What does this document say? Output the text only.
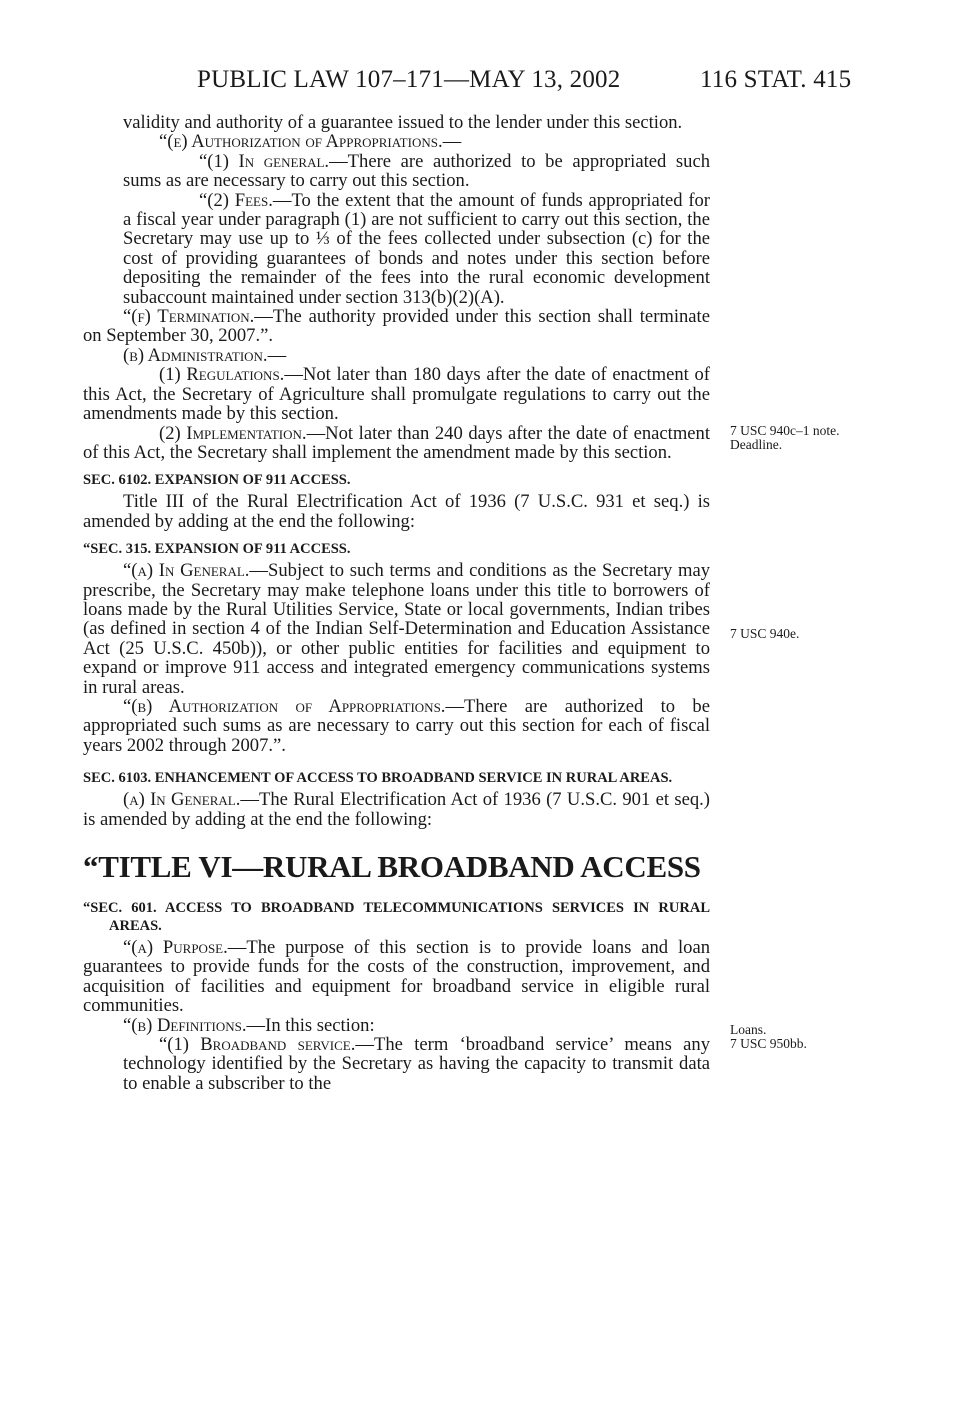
PUBLIC LAW 107–171—MAY 13, 2002	116 STAT. 415

validity and authority of a guarantee issued to the lender under this section.

“(e) Authorization of Appropriations.—

“(1) In general.—There are authorized to be appropriated such sums as are necessary to carry out this section.

“(2) Fees.—To the extent that the amount of funds appropriated for a fiscal year under paragraph (1) are not sufficient to carry out this section, the Secretary may use up to ⅓ of the fees collected under subsection (c) for the cost of providing guarantees of bonds and notes under this section before depositing the remainder of the fees into the rural economic development subaccount maintained under section 313(b)(2)(A).

“(f) Termination.—The authority provided under this section shall terminate on September 30, 2007.”.

(b) Administration.—

(1) Regulations.—Not later than 180 days after the date of enactment of this Act, the Secretary of Agriculture shall promulgate regulations to carry out the amendments made by this section.

(2) Implementation.—Not later than 240 days after the date of enactment of this Act, the Secretary shall implement the amendment made by this section.

SEC. 6102. EXPANSION OF 911 ACCESS.

Title III of the Rural Electrification Act of 1936 (7 U.S.C. 931 et seq.) is amended by adding at the end the following:

“SEC. 315. EXPANSION OF 911 ACCESS.

“(a) In General.—Subject to such terms and conditions as the Secretary may prescribe, the Secretary may make telephone loans under this title to borrowers of loans made by the Rural Utilities Service, State or local governments, Indian tribes (as defined in section 4 of the Indian Self-Determination and Education Assistance Act (25 U.S.C. 450b)), or other public entities for facilities and equipment to expand or improve 911 access and integrated emergency communications systems in rural areas.

“(b) Authorization of Appropriations.—There are authorized to be appropriated such sums as are necessary to carry out this section for each of fiscal years 2002 through 2007.”.

SEC. 6103. ENHANCEMENT OF ACCESS TO BROADBAND SERVICE IN RURAL AREAS.

(a) In General.—The Rural Electrification Act of 1936 (7 U.S.C. 901 et seq.) is amended by adding at the end the following:

“TITLE VI—RURAL BROADBAND ACCESS

“SEC. 601. ACCESS TO BROADBAND TELECOMMUNICATIONS SERVICES IN RURAL AREAS.

“(a) Purpose.—The purpose of this section is to provide loans and loan guarantees to provide funds for the costs of the construction, improvement, and acquisition of facilities and equipment for broadband service in eligible rural communities.

“(b) Definitions.—In this section:

“(1) Broadband service.—The term ‘broadband service’ means any technology identified by the Secretary as having the capacity to transmit data to enable a subscriber to the

7 USC 940c–1 note.
Deadline.
7 USC 940e.
Loans.
7 USC 950bb.
